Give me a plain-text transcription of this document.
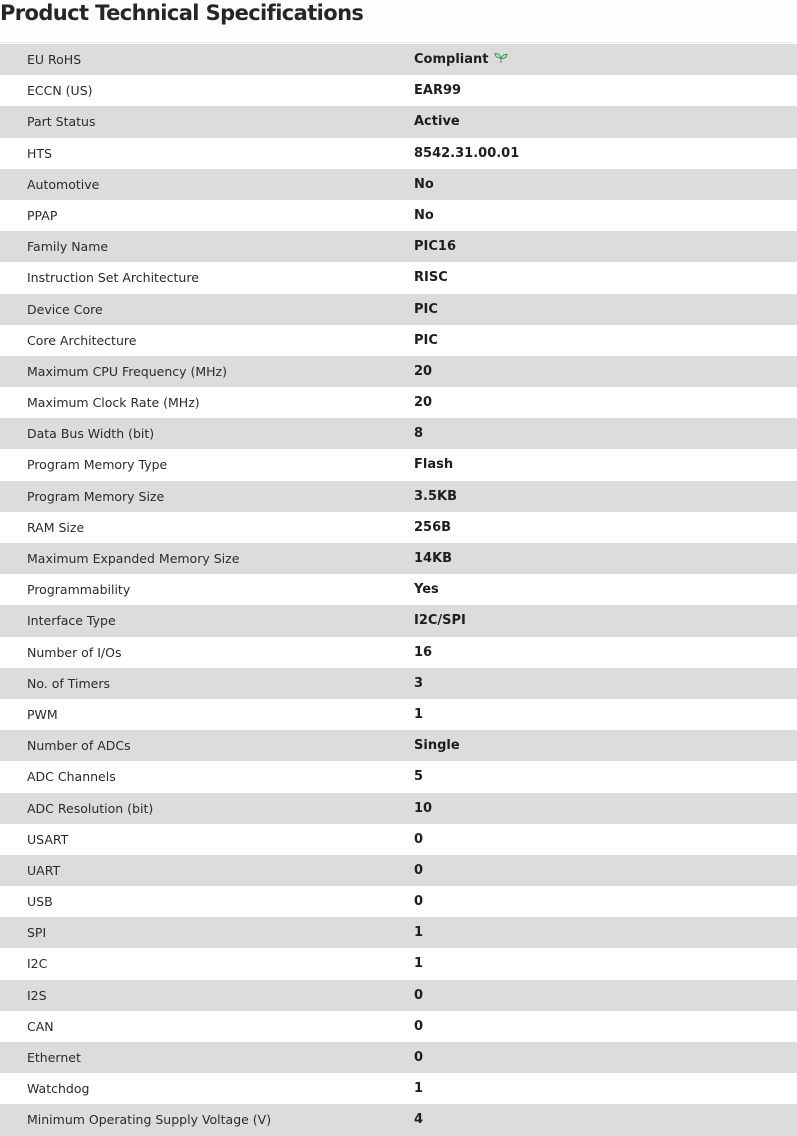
Product Technical Specifications
EU RoHS	Compliant
ECCN (US)	EAR99
Part Status	Active
HTS	8542.31.00.01
Automotive	No
PPAP	No
Family Name	PIC16
Instruction Set Architecture	RISC
Device Core	PIC
Core Architecture	PIC
Maximum CPU Frequency (MHz)	20
Maximum Clock Rate (MHz)	20
Data Bus Width (bit)	8
Program Memory Type	Flash
Program Memory Size	3.5KB
RAM Size	256B
Maximum Expanded Memory Size	14KB
Programmability	Yes
Interface Type	I2C/SPI
Number of I/Os	16
No. of Timers	3
PWM	1
Number of ADCs	Single
ADC Channels	5
ADC Resolution (bit)	10
USART	0
UART	0
USB	0
SPI	1
I2C	1
I2S	0
CAN	0
Ethernet	0
Watchdog	1
Minimum Operating Supply Voltage (V)	4
